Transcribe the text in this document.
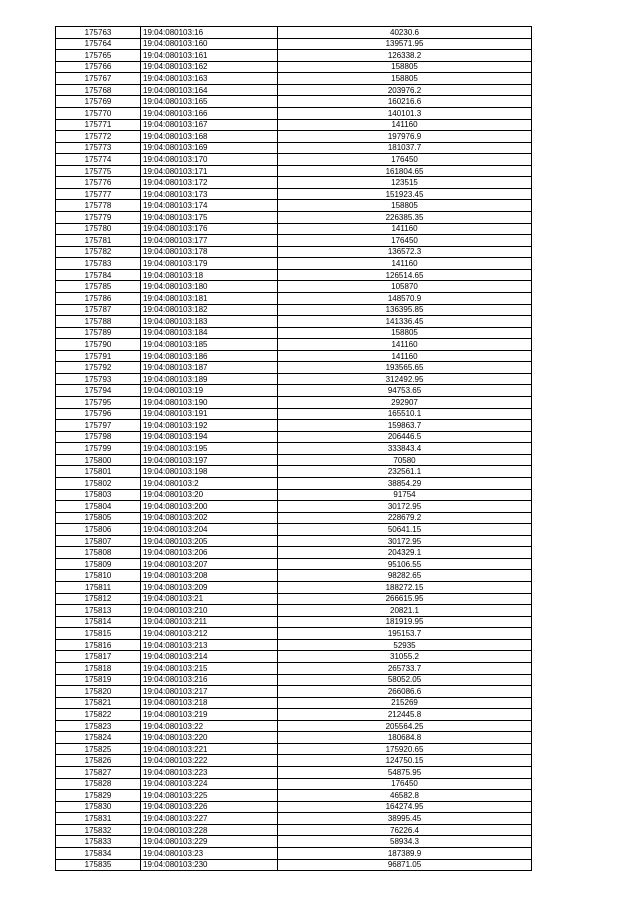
175763	19:04:080103:16	40230.6
175764	19:04:080103:160	139571.95
175765	19:04:080103:161	126338.2
175766	19:04:080103:162	158805
175767	19:04:080103:163	158805
175768	19:04:080103:164	203976.2
175769	19:04:080103:165	160216.6
175770	19:04:080103:166	140101.3
175771	19:04:080103:167	141160
175772	19:04:080103:168	197976.9
175773	19:04:080103:169	181037.7
175774	19:04:080103:170	176450
175775	19:04:080103:171	161804.65
175776	19:04:080103:172	123515
175777	19:04:080103:173	151923.45
175778	19:04:080103:174	158805
175779	19:04:080103:175	226385.35
175780	19:04:080103:176	141160
175781	19:04:080103:177	176450
175782	19:04:080103:178	136572.3
175783	19:04:080103:179	141160
175784	19:04:080103:18	126514.65
175785	19:04:080103:180	105870
175786	19:04:080103:181	148570.9
175787	19:04:080103:182	136395.85
175788	19:04:080103:183	141336.45
175789	19:04:080103:184	158805
175790	19:04:080103:185	141160
175791	19:04:080103:186	141160
175792	19:04:080103:187	193565.65
175793	19:04:080103:189	312492.95
175794	19:04:080103:19	94753.65
175795	19:04:080103:190	292907
175796	19:04:080103:191	165510.1
175797	19:04:080103:192	159863.7
175798	19:04:080103:194	206446.5
175799	19:04:080103:195	333843.4
175800	19:04:080103:197	70580
175801	19:04:080103:198	232561.1
175802	19:04:080103:2	38854.29
175803	19:04:080103:20	91754
175804	19:04:080103:200	30172.95
175805	19:04:080103:202	228679.2
175806	19:04:080103:204	50641.15
175807	19:04:080103:205	30172.95
175808	19:04:080103:206	204329.1
175809	19:04:080103:207	95106.55
175810	19:04:080103:208	98282.65
175811	19:04:080103:209	188272.15
175812	19:04:080103:21	266615.95
175813	19:04:080103:210	20821.1
175814	19:04:080103:211	181919.95
175815	19:04:080103:212	195153.7
175816	19:04:080103:213	52935
175817	19:04:080103:214	31055.2
175818	19:04:080103:215	265733.7
175819	19:04:080103:216	58052.05
175820	19:04:080103:217	266086.6
175821	19:04:080103:218	215269
175822	19:04:080103:219	212445.8
175823	19:04:080103:22	205564.25
175824	19:04:080103:220	180684.8
175825	19:04:080103:221	175920.65
175826	19:04:080103:222	124750.15
175827	19:04:080103:223	54875.95
175828	19:04:080103:224	176450
175829	19:04:080103:225	46582.8
175830	19:04:080103:226	164274.95
175831	19:04:080103:227	38995.45
175832	19:04:080103:228	76226.4
175833	19:04:080103:229	58934.3
175834	19:04:080103:23	187389.9
175835	19:04:080103:230	96871.05
